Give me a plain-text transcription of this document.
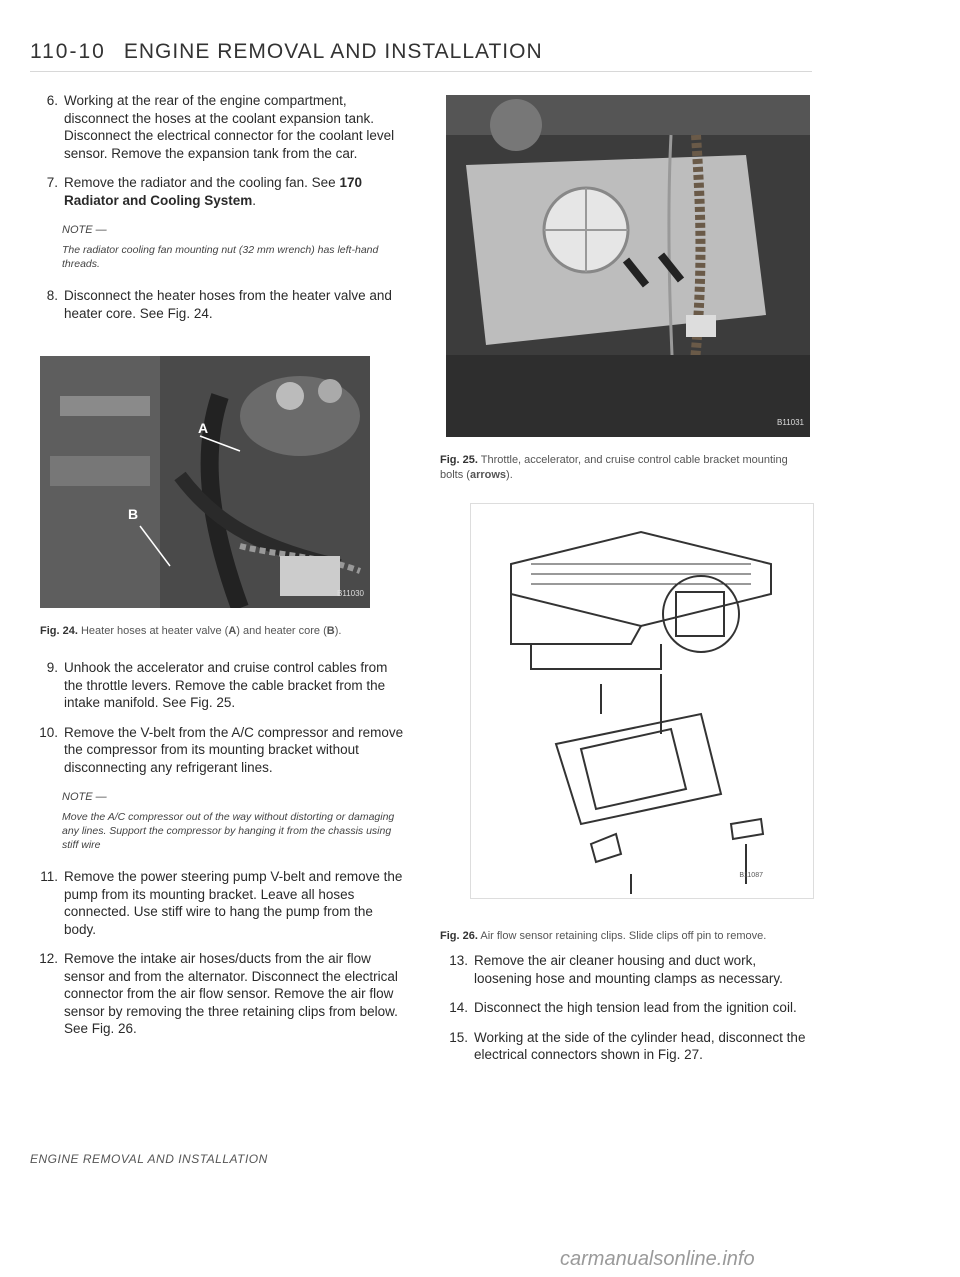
110-10 ENGINE REMOVAL AND INSTALLATION
6. Working at the rear of the engine compartment, disconnect the hoses at the coolant expansion tank. Disconnect the electrical connector for the coolant level sensor. Remove the expansion tank from the car.
7. Remove the radiator and the cooling fan. See 170 Radiator and Cooling System.
NOTE —
The radiator cooling fan mounting nut (32 mm wrench) has left-hand threads.
8. Disconnect the heater hoses from the heater valve and heater core. See Fig. 24.
A
B
B11030
Fig. 24. Heater hoses at heater valve (A) and heater core (B).
9. Unhook the accelerator and cruise control cables from the throttle levers. Remove the cable bracket from the intake manifold. See Fig. 25.
10. Remove the V-belt from the A/C compressor and remove the compressor from its mounting bracket without disconnecting any refrigerant lines.
NOTE —
Move the A/C compressor out of the way without distorting or damaging any lines. Support the compressor by hanging it from the chassis using stiff wire
11. Remove the power steering pump V-belt and remove the pump from its mounting bracket. Leave all hoses connected. Use stiff wire to hang the pump from the body.
12. Remove the intake air hoses/ducts from the air flow sensor and from the alternator. Disconnect the electrical connector from the air flow sensor. Remove the air flow sensor by removing the three retaining clips from below. See Fig. 26.
B11031
Fig. 25. Throttle, accelerator, and cruise control cable bracket mounting bolts (arrows).
B11087
Fig. 26. Air flow sensor retaining clips. Slide clips off pin to remove.
13. Remove the air cleaner housing and duct work, loosening hose and mounting clamps as necessary.
14. Disconnect the high tension lead from the ignition coil.
15. Working at the side of the cylinder head, disconnect the electrical connectors shown in Fig. 27.
ENGINE REMOVAL AND INSTALLATION
carmanualsonline.info
